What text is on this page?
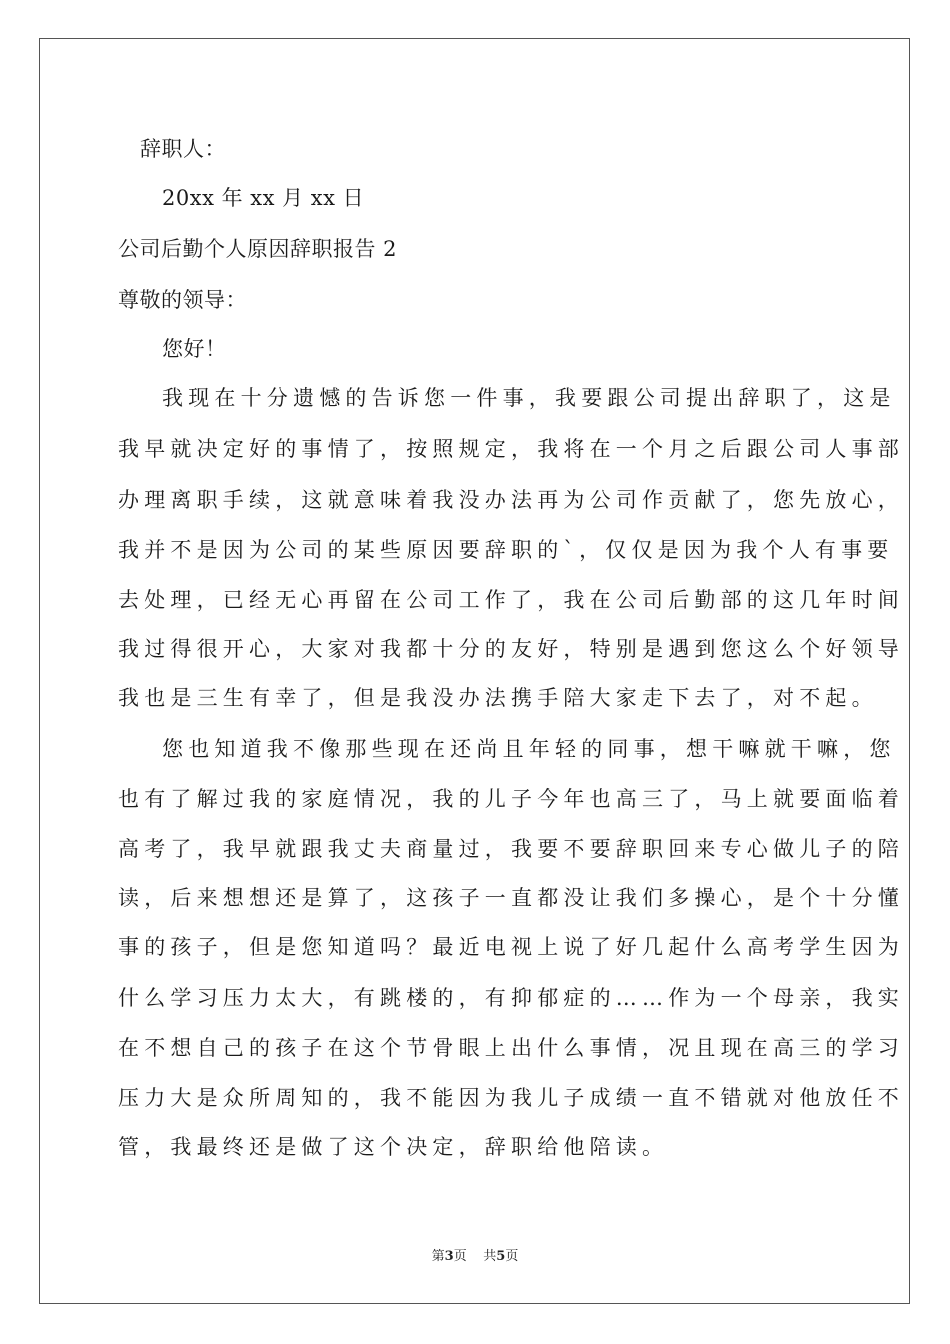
辞职人：
20xx 年 xx 月 xx 日
公司后勤个人原因辞职报告 2
尊敬的领导：
您好！
我现在十分遗憾的告诉您一件事，我要跟公司提出辞职了，这是
我早就决定好的事情了，按照规定，我将在一个月之后跟公司人事部
办理离职手续，这就意味着我没办法再为公司作贡献了，您先放心，
我并不是因为公司的某些原因要辞职的`，仅仅是因为我个人有事要
去处理，已经无心再留在公司工作了，我在公司后勤部的这几年时间
我过得很开心，大家对我都十分的友好，特别是遇到您这么个好领导
我也是三生有幸了，但是我没办法携手陪大家走下去了，对不起。
您也知道我不像那些现在还尚且年轻的同事，想干嘛就干嘛，您
也有了解过我的家庭情况，我的儿子今年也高三了，马上就要面临着
高考了，我早就跟我丈夫商量过，我要不要辞职回来专心做儿子的陪
读，后来想想还是算了，这孩子一直都没让我们多操心，是个十分懂
事的孩子，但是您知道吗？最近电视上说了好几起什么高考学生因为
什么学习压力太大，有跳楼的，有抑郁症的……作为一个母亲，我实
在不想自己的孩子在这个节骨眼上出什么事情，况且现在高三的学习
压力大是众所周知的，我不能因为我儿子成绩一直不错就对他放任不
管，我最终还是做了这个决定，辞职给他陪读。
第3页 共5页
